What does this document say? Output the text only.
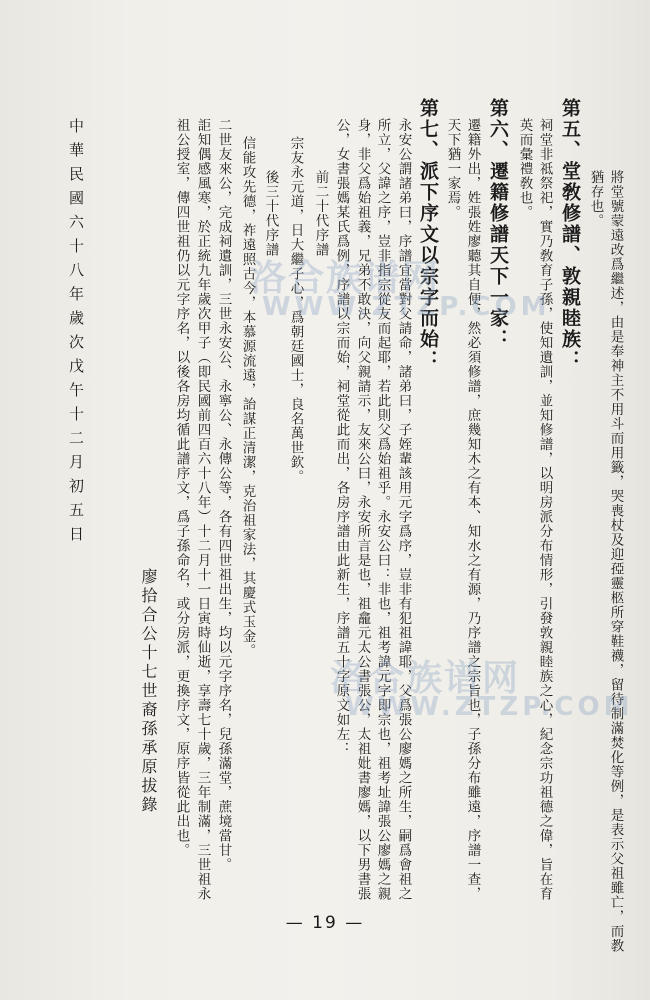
將堂號蒙遠改爲繼述，由是奉神主不用斗而用籤，哭喪杖及迎孲靈柩所穿鞋襪，留待制滿焚化等例，是表示父祖雖亡，而教
猶存也。
第五、堂敎修譜、敦親睦族：
祠堂非祗祭祀，實乃敎育子孫，使知遺訓，並知修譜，以明房派分布情形，引發敦親睦族之心，紀念宗功祖德之偉，旨在育
英而彙禮敎也。
第六、遷籍修譜天下一家：
遷籍外出，姓張姓廖聽其自便，然必須修譜，庶幾知木之有本、知水之有源，乃序譜之宗旨也，子孫分布雖遠，序譜一查，
天下猶一家焉。
第七、派下序文以宗字而始：
永安公謂諸弟曰，序譜宜當對父請命，諸弟曰，子姪輩該用元字爲序，豈非有犯祖諱耶，父爲張公廖媽之所生，嗣爲會祖之
所立，父諱之序，豈非指宗從友而起耶，若此則父爲始祖乎。永安公曰：非也，祖考諱元字即宗也，祖考址諱張公廖媽之親
身，非父爲始祖義，兄弟不敢決，向父親請示，友來公曰，永安所言是也，祖龕元太公書張公，太祖妣書廖媽，以下男書張
公，女書張媽某氏爲例，序譜以宗而始，祠堂從此而出，各房序譜由此新生，序譜五十字原文如左：
前二十代序譜
宗友永元道，日大繼子心，爲朝廷國士，良名萬世欽。
後三十代序譜
信能攻先德，祚遠照古今，本慕源流遠，詒謀正清潔，克治祖家法，其慶式玉金。
二世友來公，完成祠遺訓，三世永安公、永寧公、永傳公等，各有四世祖出生，均以元字序名，兒孫滿堂，蔗境當甘。
詎知偶感風寒，於正統九年歲次甲子（即民國前四百六十八年）十二月十一日寅時仙逝，享壽七十歲，三年制滿，三世祖永
祖公授室，傳四世祖仍以元字序名，以後各房均循此譜序文，爲子孫命名，或分房派，更換序文，原序皆從此出也。
廖拾合公十七世裔孫承原拔錄
中華民國六十八年歲次戊午十二月初五日
— 19 —
洛合族谱网
WWW.ZTZP.COM
洛合族谱网
WWW.ZTZP.COM
